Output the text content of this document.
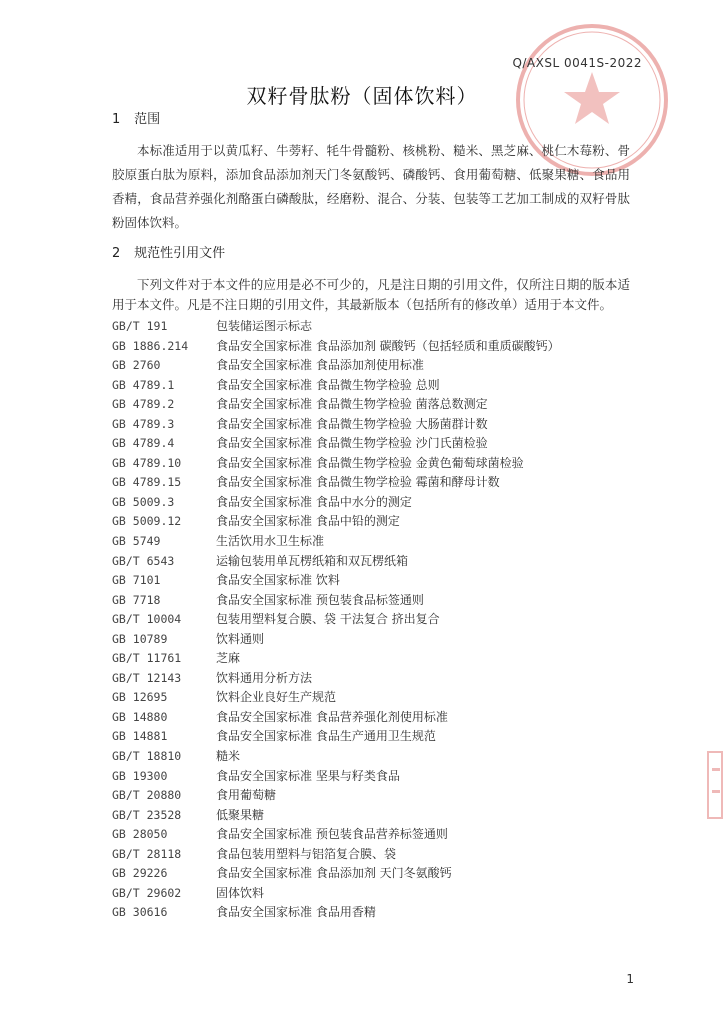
Q/AXSL 0041S-2022
双籽骨肽粉（固体饮料）
1 范围
本标准适用于以黄瓜籽、牛蒡籽、牦牛骨髓粉、核桃粉、糙米、黑芝麻、桃仁木莓粉、骨胶原蛋白肽为原料，添加食品添加剂天门冬氨酸钙、磷酸钙、食用葡萄糖、低聚果糖、食品用香精，食品营养强化剂酪蛋白磷酸肽，经磨粉、混合、分装、包装等工艺加工制成的双籽骨肽粉固体饮料。
2 规范性引用文件
下列文件对于本文件的应用是必不可少的，凡是注日期的引用文件，仅所注日期的版本适用于本文件。凡是不注日期的引用文件，其最新版本（包括所有的修改单）适用于本文件。
GB/T 191	包装储运图示标志
GB 1886.214	食品安全国家标准 食品添加剂 碳酸钙（包括轻质和重质碳酸钙）
GB 2760	食品安全国家标准 食品添加剂使用标准
GB 4789.1	食品安全国家标准 食品微生物学检验 总则
GB 4789.2	食品安全国家标准 食品微生物学检验 菌落总数测定
GB 4789.3	食品安全国家标准 食品微生物学检验 大肠菌群计数
GB 4789.4	食品安全国家标准 食品微生物学检验 沙门氏菌检验
GB 4789.10	食品安全国家标准 食品微生物学检验 金黄色葡萄球菌检验
GB 4789.15	食品安全国家标准 食品微生物学检验 霉菌和酵母计数
GB 5009.3	食品安全国家标准 食品中水分的测定
GB 5009.12	食品安全国家标准 食品中铅的测定
GB 5749	生活饮用水卫生标准
GB/T 6543	运输包装用单瓦楞纸箱和双瓦楞纸箱
GB 7101	食品安全国家标准 饮料
GB 7718	食品安全国家标准 预包装食品标签通则
GB/T 10004	包装用塑料复合膜、袋 干法复合 挤出复合
GB 10789	饮料通则
GB/T 11761	芝麻
GB/T 12143	饮料通用分析方法
GB 12695	饮料企业良好生产规范
GB 14880	食品安全国家标准 食品营养强化剂使用标准
GB 14881	食品安全国家标准 食品生产通用卫生规范
GB/T 18810	糙米
GB 19300	食品安全国家标准 坚果与籽类食品
GB/T 20880	食用葡萄糖
GB/T 23528	低聚果糖
GB 28050	食品安全国家标准 预包装食品营养标签通则
GB/T 28118	食品包装用塑料与铝箔复合膜、袋
GB 29226	食品安全国家标准 食品添加剂 天门冬氨酸钙
GB/T 29602	固体饮料
GB 30616	食品安全国家标准 食品用香精
1
